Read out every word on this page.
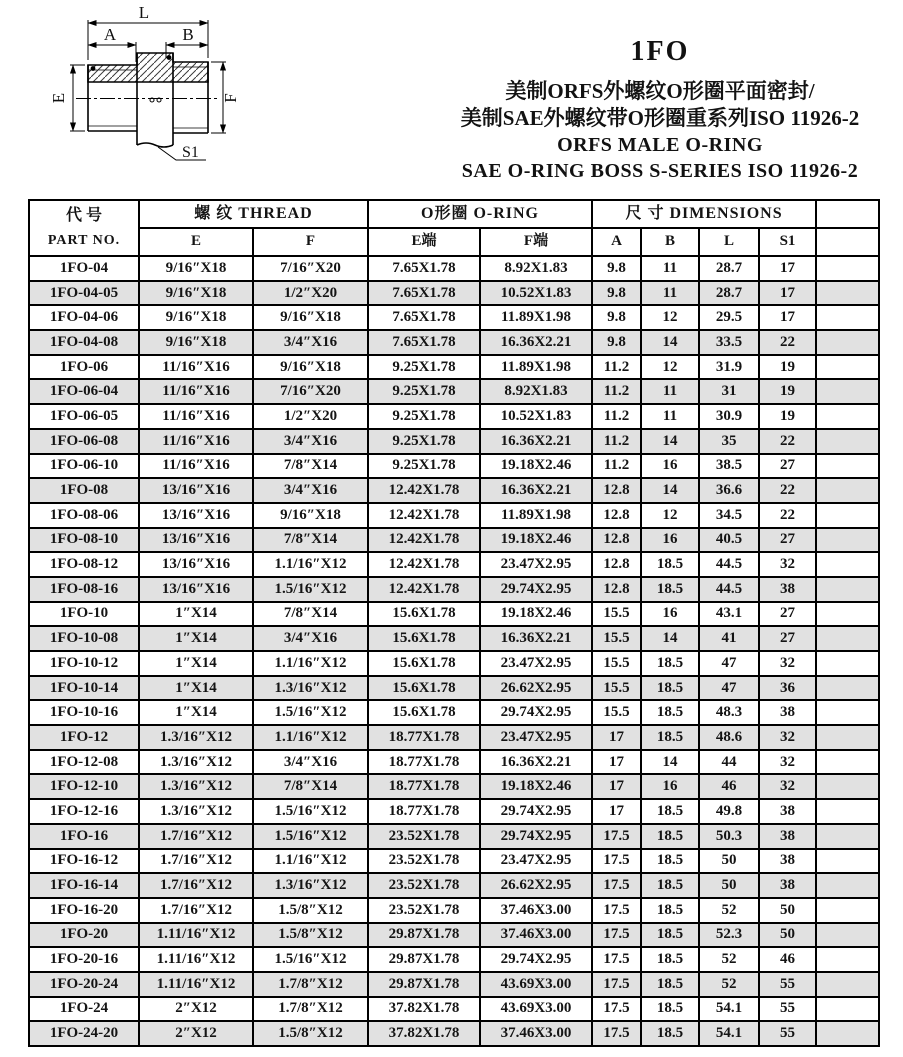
L
A	B
E	F
S1
1FO
美制ORFS外螺纹O形圈平面密封/
美制SAE外螺纹带O形圈重系列ISO 11926-2
ORFS MALE O-RING
SAE O-RING BOSS S-SERIES ISO 11926-2
代 号
PART NO.	螺 纹 THREAD		O形圈 O-RING		尺 寸 DIMENSIONS				
	E	F	E端	F端	A	B	L	S1	
1FO-04	9/16″X18	7/16″X20	7.65X1.78	8.92X1.83	9.8	11	28.7	17	
1FO-04-05	9/16″X18	1/2″X20	7.65X1.78	10.52X1.83	9.8	11	28.7	17	
1FO-04-06	9/16″X18	9/16″X18	7.65X1.78	11.89X1.98	9.8	12	29.5	17	
1FO-04-08	9/16″X18	3/4″X16	7.65X1.78	16.36X2.21	9.8	14	33.5	22	
1FO-06	11/16″X16	9/16″X18	9.25X1.78	11.89X1.98	11.2	12	31.9	19	
1FO-06-04	11/16″X16	7/16″X20	9.25X1.78	8.92X1.83	11.2	11	31	19	
1FO-06-05	11/16″X16	1/2″X20	9.25X1.78	10.52X1.83	11.2	11	30.9	19	
1FO-06-08	11/16″X16	3/4″X16	9.25X1.78	16.36X2.21	11.2	14	35	22	
1FO-06-10	11/16″X16	7/8″X14	9.25X1.78	19.18X2.46	11.2	16	38.5	27	
1FO-08	13/16″X16	3/4″X16	12.42X1.78	16.36X2.21	12.8	14	36.6	22	
1FO-08-06	13/16″X16	9/16″X18	12.42X1.78	11.89X1.98	12.8	12	34.5	22	
1FO-08-10	13/16″X16	7/8″X14	12.42X1.78	19.18X2.46	12.8	16	40.5	27	
1FO-08-12	13/16″X16	1.1/16″X12	12.42X1.78	23.47X2.95	12.8	18.5	44.5	32	
1FO-08-16	13/16″X16	1.5/16″X12	12.42X1.78	29.74X2.95	12.8	18.5	44.5	38	
1FO-10	1″X14	7/8″X14	15.6X1.78	19.18X2.46	15.5	16	43.1	27	
1FO-10-08	1″X14	3/4″X16	15.6X1.78	16.36X2.21	15.5	14	41	27	
1FO-10-12	1″X14	1.1/16″X12	15.6X1.78	23.47X2.95	15.5	18.5	47	32	
1FO-10-14	1″X14	1.3/16″X12	15.6X1.78	26.62X2.95	15.5	18.5	47	36	
1FO-10-16	1″X14	1.5/16″X12	15.6X1.78	29.74X2.95	15.5	18.5	48.3	38	
1FO-12	1.3/16″X12	1.1/16″X12	18.77X1.78	23.47X2.95	17	18.5	48.6	32	
1FO-12-08	1.3/16″X12	3/4″X16	18.77X1.78	16.36X2.21	17	14	44	32	
1FO-12-10	1.3/16″X12	7/8″X14	18.77X1.78	19.18X2.46	17	16	46	32	
1FO-12-16	1.3/16″X12	1.5/16″X12	18.77X1.78	29.74X2.95	17	18.5	49.8	38	
1FO-16	1.7/16″X12	1.5/16″X12	23.52X1.78	29.74X2.95	17.5	18.5	50.3	38	
1FO-16-12	1.7/16″X12	1.1/16″X12	23.52X1.78	23.47X2.95	17.5	18.5	50	38	
1FO-16-14	1.7/16″X12	1.3/16″X12	23.52X1.78	26.62X2.95	17.5	18.5	50	38	
1FO-16-20	1.7/16″X12	1.5/8″X12	23.52X1.78	37.46X3.00	17.5	18.5	52	50	
1FO-20	1.11/16″X12	1.5/8″X12	29.87X1.78	37.46X3.00	17.5	18.5	52.3	50	
1FO-20-16	1.11/16″X12	1.5/16″X12	29.87X1.78	29.74X2.95	17.5	18.5	52	46	
1FO-20-24	1.11/16″X12	1.7/8″X12	29.87X1.78	43.69X3.00	17.5	18.5	52	55	
1FO-24	2″X12	1.7/8″X12	37.82X1.78	43.69X3.00	17.5	18.5	54.1	55	
1FO-24-20	2″X12	1.5/8″X12	37.82X1.78	37.46X3.00	17.5	18.5	54.1	55	
